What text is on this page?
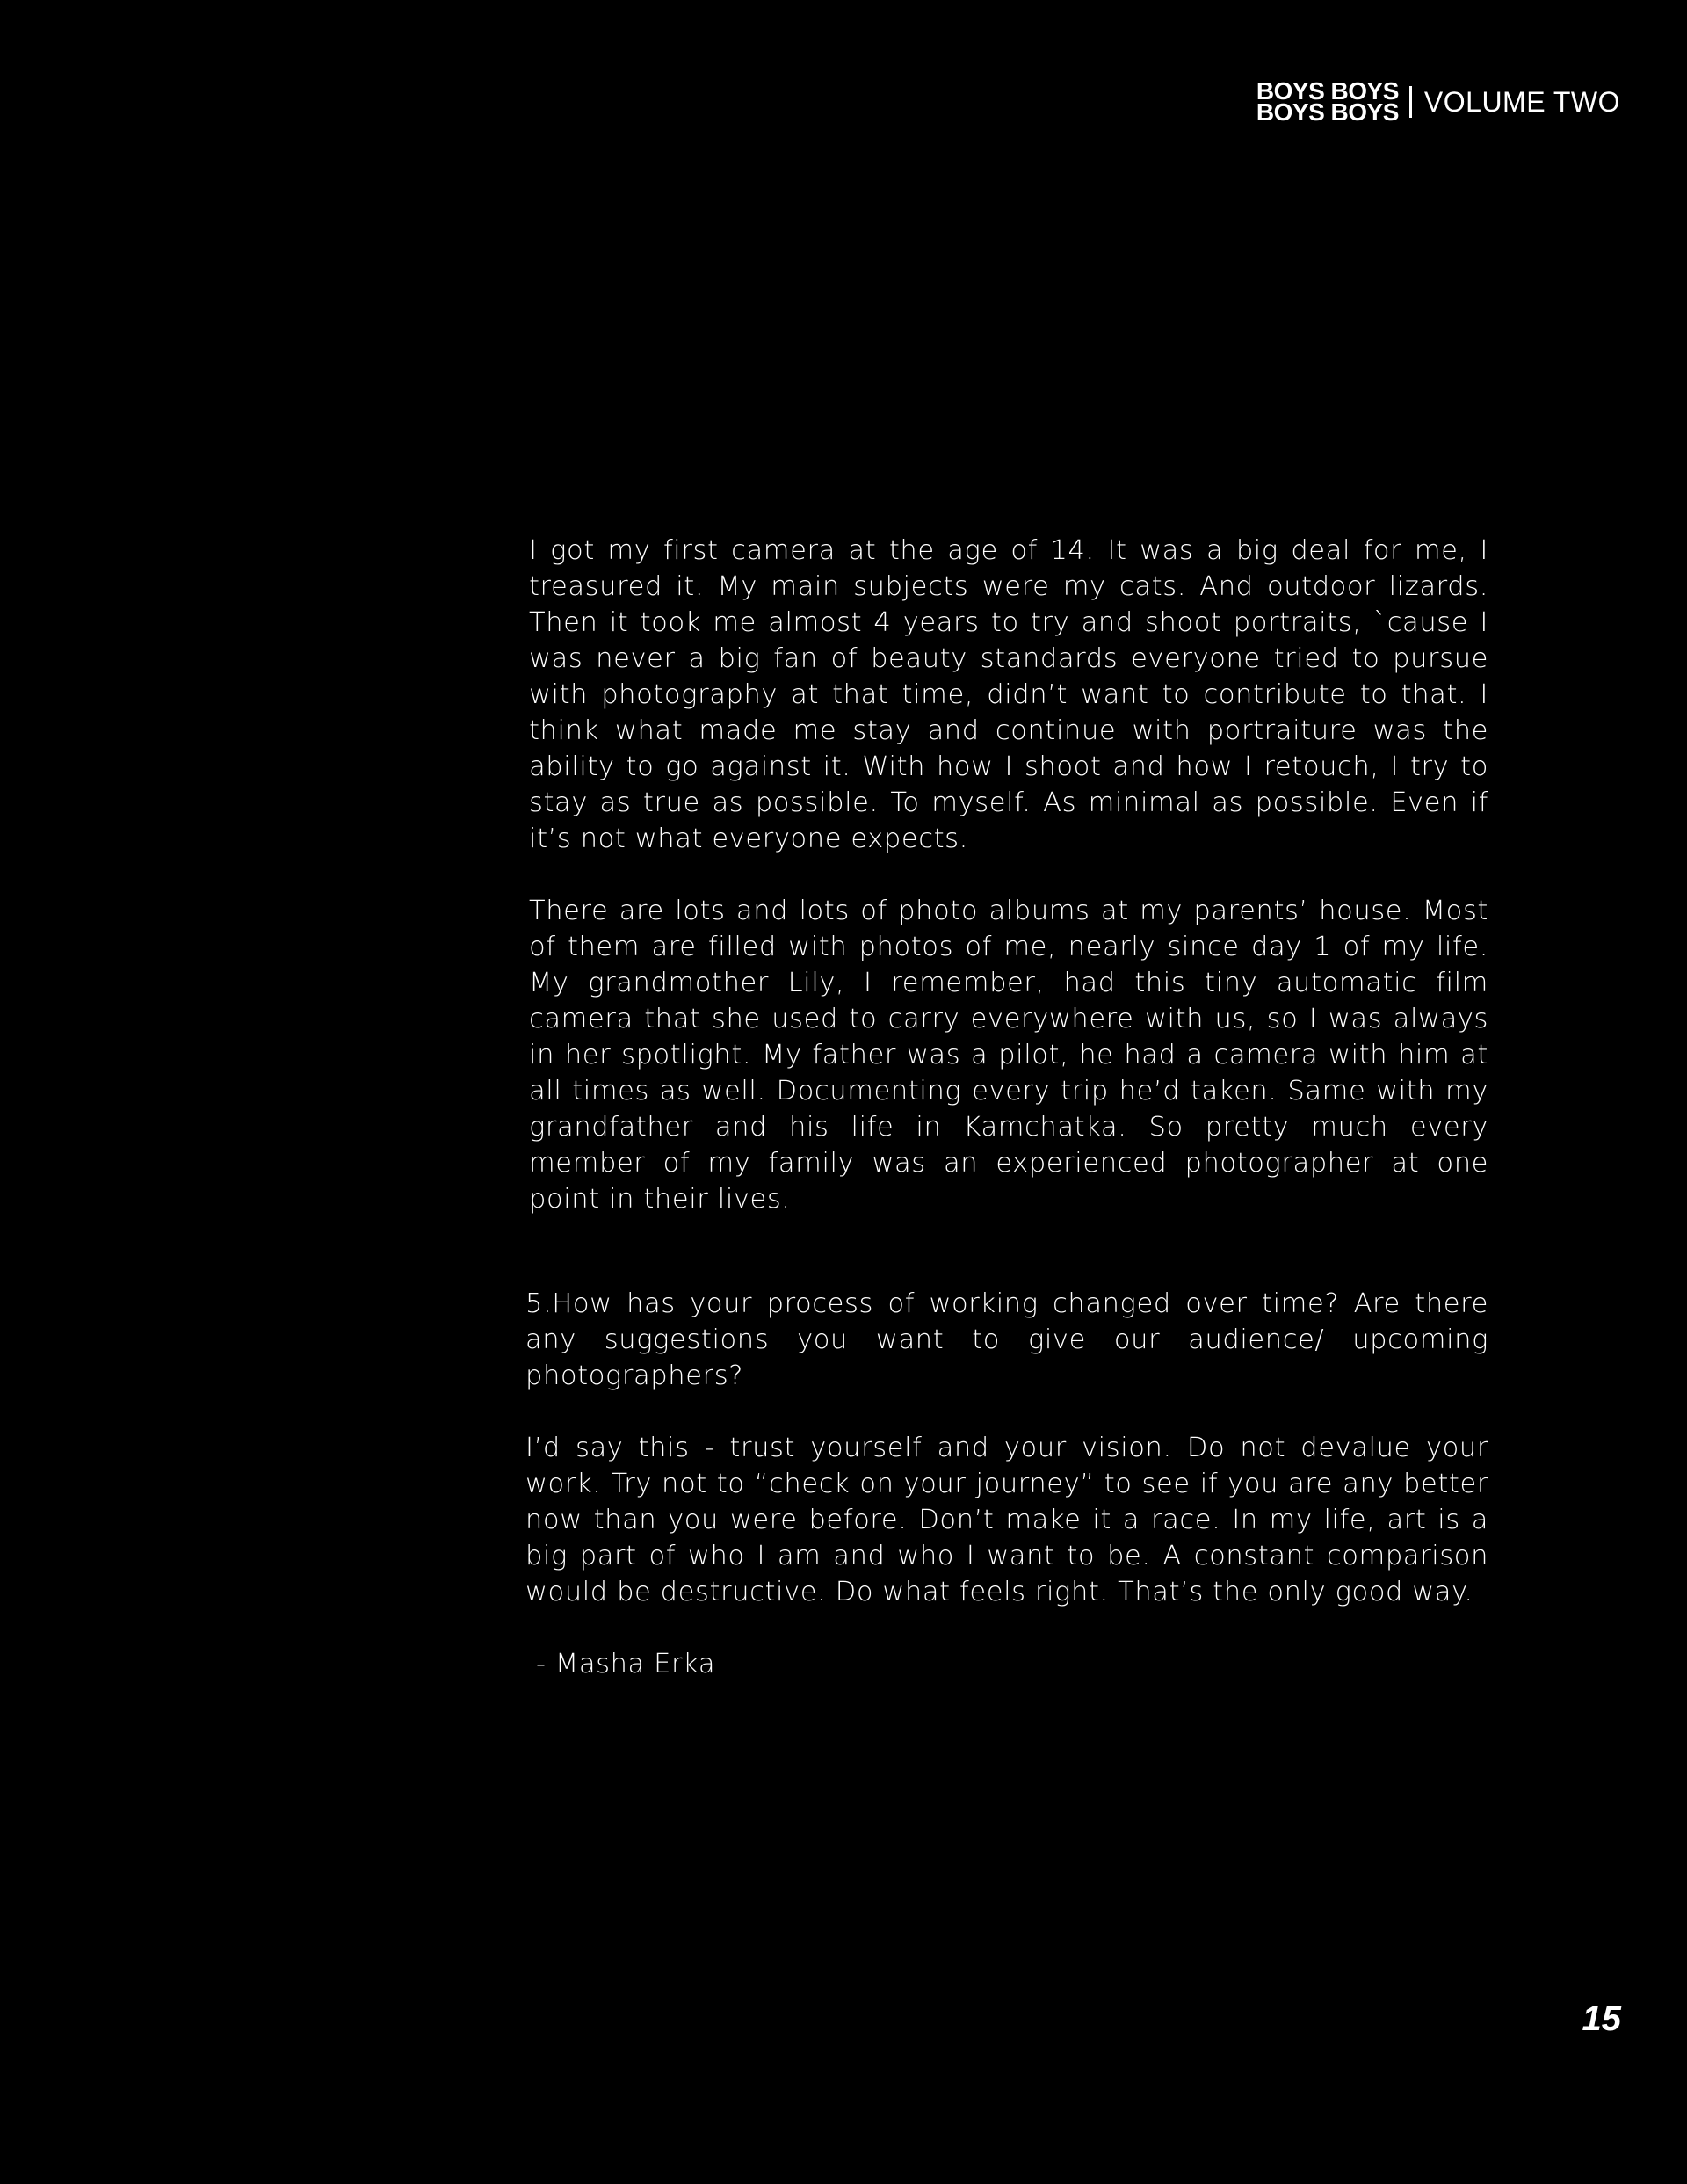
BOYS BOYS
BOYS BOYS VOLUME TWO

I got my first camera at the age of 14. It was a big deal for me, I treasured it. My main subjects were my cats. And outdoor lizards. Then it took me almost 4 years to try and shoot portraits, `cause I was never a big fan of beauty standards everyone tried to pursue with photography at that time, didn’t want to contribute to that. I think what made me stay and continue with portraiture was the ability to go against it. With how I shoot and how I retouch, I try to stay as true as possible. To myself. As minimal as possible. Even if it’s not what everyone expects.

There are lots and lots of photo albums at my parents’ house. Most of them are filled with photos of me, nearly since day 1 of my life. My grandmother Lily, I remember, had this tiny automatic film camera that she used to carry everywhere with us, so I was always in her spotlight. My father was a pilot, he had a camera with him at all times as well. Documenting every trip he’d taken. Same with my grandfather and his life in Kamchatka. So pretty much every member of my family was an experienced photographer at one point in their lives.

5.How has your process of working changed over time? Are there any suggestions you want to give our audience/ upcoming photographers?

I’d say this - trust yourself and your vision. Do not devalue your work. Try not to “check on your journey” to see if you are any better now than you were before. Don’t make it a race. In my life, art is a big part of who I am and who I want to be. A constant comparison would be destructive. Do what feels right. That’s the only good way.

- Masha Erka

15
